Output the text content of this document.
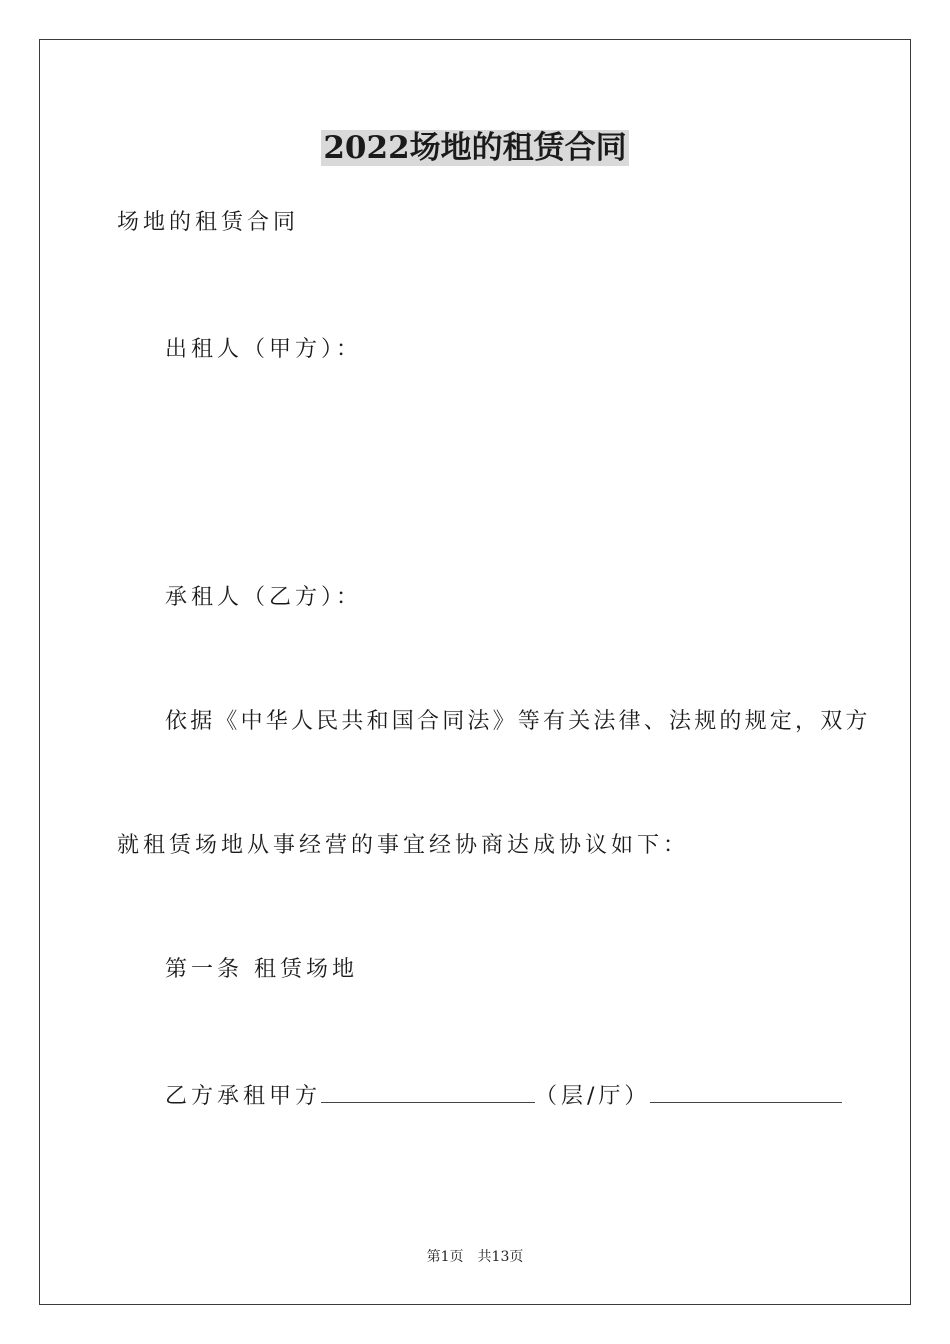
2022场地的租赁合同
场地的租赁合同
出租人（甲方）：
承租人（乙方）：
依据《中华人民共和国合同法》等有关法律、法规的规定，双方
就租赁场地从事经营的事宜经协商达成协议如下：
第一条 租赁场地
乙方承租甲方	（层/厅）
第1页 共13页
